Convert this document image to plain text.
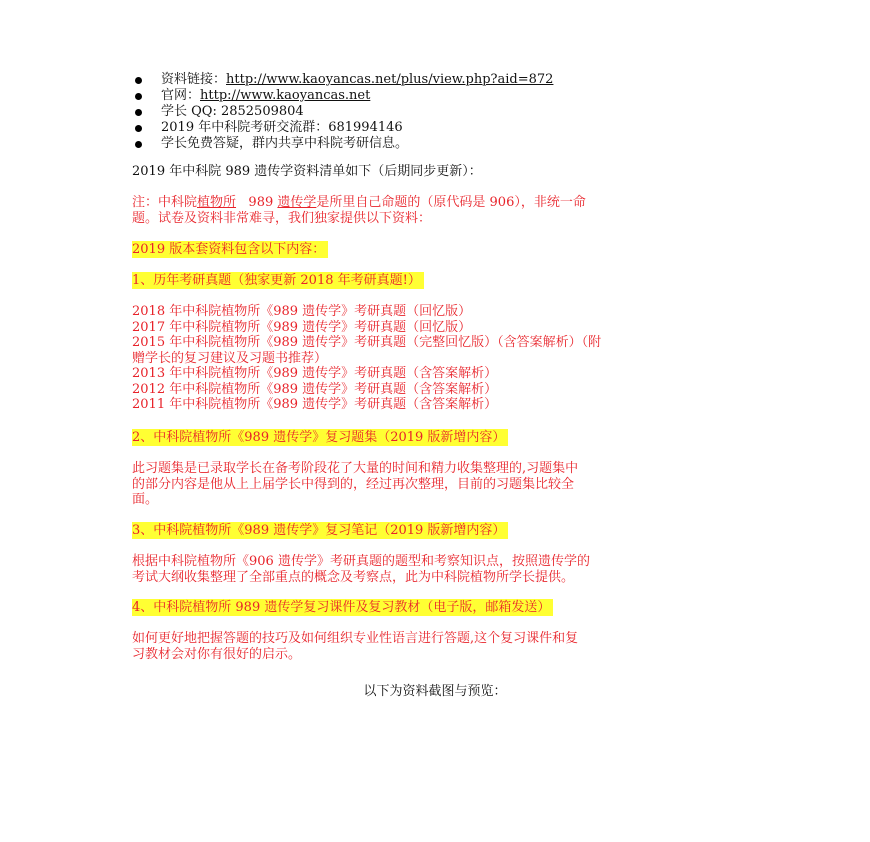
资料链接：http://www.kaoyancas.net/plus/view.php?aid=872
官网：http://www.kaoyancas.net
学长 QQ: 2852509804
2019 年中科院考研交流群：681994146
学长免费答疑，群内共享中科院考研信息。
2019 年中科院 989 遗传学资料清单如下（后期同步更新）：
注：中科院植物所   989 遗传学是所里自己命题的（原代码是 906），非统一命
题。试卷及资料非常难寻，我们独家提供以下资料：
2019 版本套资料包含以下内容：
1、历年考研真题（独家更新 2018 年考研真题!）
2018 年中科院植物所《989 遗传学》考研真题（回忆版）
2017 年中科院植物所《989 遗传学》考研真题（回忆版）
2015 年中科院植物所《989 遗传学》考研真题（完整回忆版）（含答案解析）（附
赠学长的复习建议及习题书推荐）
2013 年中科院植物所《989 遗传学》考研真题（含答案解析）
2012 年中科院植物所《989 遗传学》考研真题（含答案解析）
2011 年中科院植物所《989 遗传学》考研真题（含答案解析）
2、中科院植物所《989 遗传学》复习题集（2019 版新增内容）
此习题集是已录取学长在备考阶段花了大量的时间和精力收集整理的,习题集中
的部分内容是他从上上届学长中得到的，经过再次整理，目前的习题集比较全
面。
3、中科院植物所《989 遗传学》复习笔记（2019 版新增内容）
根据中科院植物所《906 遗传学》考研真题的题型和考察知识点，按照遗传学的
考试大纲收集整理了全部重点的概念及考察点，此为中科院植物所学长提供。
4、中科院植物所 989 遗传学复习课件及复习教材（电子版，邮箱发送）
如何更好地把握答题的技巧及如何组织专业性语言进行答题,这个复习课件和复
习教材会对你有很好的启示。
以下为资料截图与预览：
